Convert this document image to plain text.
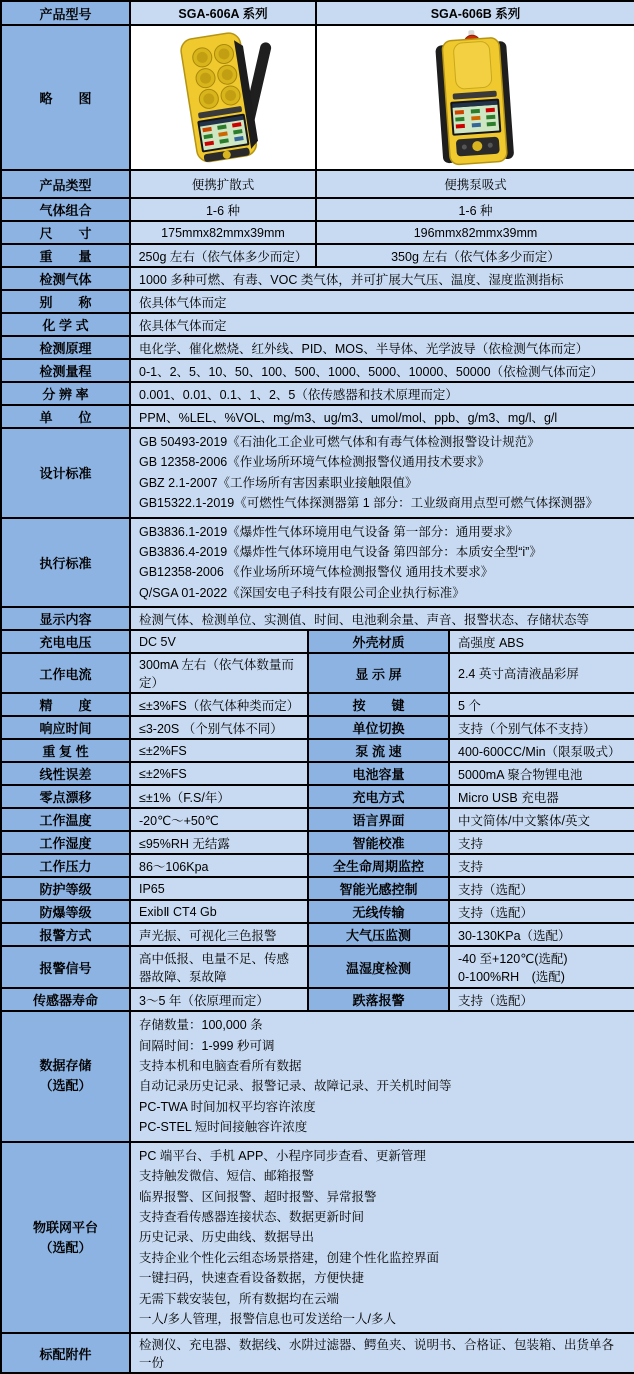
产品型号	SGA-606A 系列		SGA-606B 系列	
略　　图	

产品类型	便携扩散式		便携泵吸式	
气体组合	1-6 种		1-6 种	
尺　　寸	175mmx82mmx39mm		196mmx82mmx39mm	
重　　量	250g 左右（依气体多少而定）		350g 左右（依气体多少而定）	
检测气体	1000 多种可燃、有毒、VOC 类气体，并可扩展大气压、温度、湿度监测指标			
别　　称	依具体气体而定			
化 学 式	依具体气体而定			
检测原理	电化学、催化燃烧、红外线、PID、MOS、半导体、光学波导（依检测气体而定）			
检测量程	0-1、2、5、10、50、100、500、1000、5000、10000、50000（依检测气体而定）			
分 辨 率	0.001、0.01、0.1、1、2、5（依传感器和技术原理而定）			
单　　位	PPM、%LEL、%VOL、mg/m3、ug/m3、umol/mol、ppb、g/m3、mg/l、g/l			
设计标准	GB 50493-2019《石油化工企业可燃气体和有毒气体检测报警设计规范》
GB 12358-2006《作业场所环境气体检测报警仪通用技术要求》
GBZ 2.1-2007《工作场所有害因素职业接触限值》
GB15322.1-2019《可燃性气体探测器第 1 部分：工业级商用点型可燃气体探测器》			

执行标准	GB3836.1-2019《爆炸性气体环境用电气设备 第一部分：通用要求》
GB3836.4-2019《爆炸性气体环境用电气设备 第四部分：本质安全型“i”》
GB12358-2006 《作业场所环境气体检测报警仪 通用技术要求》
Q/SGA 01-2022《深国安电子科技有限公司企业执行标准》			

显示内容	检测气体、检测单位、实测值、时间、电池剩余量、声音、报警状态、存储状态等			
充电电压	DC 5V	外壳材质		高强度 ABS
工作电流	300mA 左右（依气体数量而定）	显 示 屏		2.4 英寸高清液晶彩屏
精　　度	≤±3%FS（依气体种类而定）	按　　键		5 个
响应时间	≤3-20S （个别气体不同）	单位切换		支持（个别气体不支持）
重 复 性	≤±2%FS	泵 流 速		400-600CC/Min（限泵吸式）
线性误差	≤±2%FS	电池容量		5000mA 聚合物锂电池
零点漂移	≤±1%（F.S/年）	充电方式		Micro USB 充电器
工作温度	-20℃～+50℃	语言界面		中文简体/中文繁体/英文
工作湿度	≤95%RH 无结露	智能校准		支持
工作压力	86～106Kpa	全生命周期监控		支持
防护等级	IP65	智能光感控制		支持（选配）
防爆等级	ExibⅡ CT4 Gb	无线传输		支持（选配）
报警方式	声光振、可视化三色报警	大气压监测		30-130KPa（选配）
报警信号	高中低报、电量不足、传感器故障、泵故障	温湿度检测		-40 至+120℃(选配)
0-100%RH　(选配)

传感器寿命	3～5 年（依原理而定）	跌落报警		支持（选配）

数据存储
（选配）

存储数量：100,000 条
间隔时间：1-999 秒可调
支持本机和电脑查看所有数据
自动记录历史记录、报警记录、故障记录、开关机时间等
PC-TWA 时间加权平均容许浓度
PC-STEL 短时间接触容许浓度

物联网平台
（选配）

PC 端平台、手机 APP、小程序同步查看、更新管理
支持触发微信、短信、邮箱报警
临界报警、区间报警、超时报警、异常报警
支持查看传感器连接状态、数据更新时间
历史记录、历史曲线、数据导出
支持企业个性化云组态场景搭建，创建个性化监控界面
一键扫码，快速查看设备数据，方便快捷
无需下载安装包，所有数据均在云端
一人/多人管理，报警信息也可发送给一人/多人

标配附件	检测仪、充电器、数据线、水阱过滤器、鳄鱼夹、说明书、合格证、包装箱、出货单各一份			
